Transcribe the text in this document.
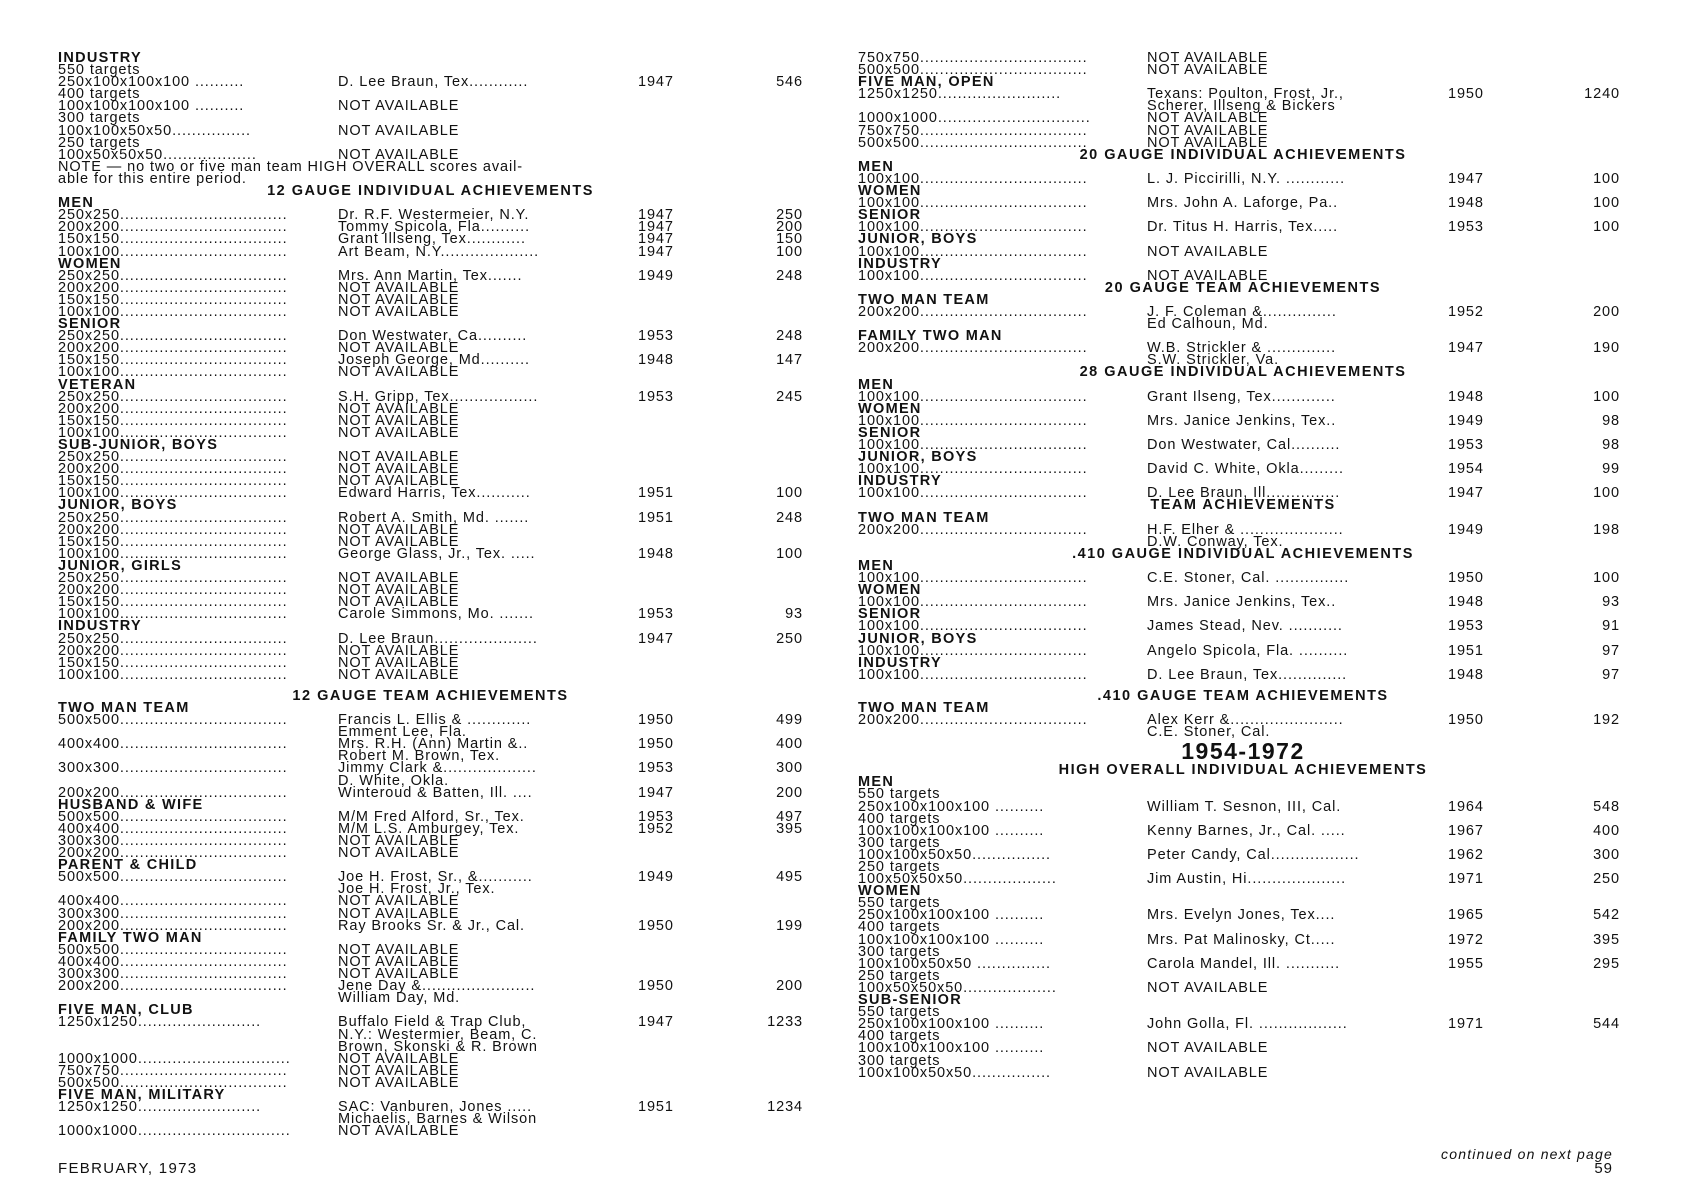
INDUSTRY
550 targets
250x100x100x100 ..........	D. Lee Braun, Tex............	1947	546
400 targets
100x100x100x100 ..........	NOT AVAILABLE
300 targets
100x100x50x50................	NOT AVAILABLE
250 targets
100x50x50x50...................	NOT AVAILABLE
NOTE — no two or five man team HIGH OVERALL scores avail-
able for this entire period.
12 GAUGE INDIVIDUAL ACHIEVEMENTS
MEN
250x250..................................	Dr. R.F. Westermeier, N.Y.	1947	250
200x200..................................	Tommy Spicola, Fla..........	1947	200
150x150..................................	Grant Illseng, Tex............	1947	150
100x100..................................	Art Beam, N.Y....................	1947	100
WOMEN
250x250..................................	Mrs. Ann Martin, Tex.......	1949	248
200x200..................................	NOT AVAILABLE
150x150..................................	NOT AVAILABLE
100x100..................................	NOT AVAILABLE
SENIOR
250x250..................................	Don Westwater, Ca..........	1953	248
200x200..................................	NOT AVAILABLE
150x150..................................	Joseph George, Md..........	1948	147
100x100..................................	NOT AVAILABLE
VETERAN
250x250..................................	S.H. Gripp, Tex..................	1953	245
200x200..................................	NOT AVAILABLE
150x150..................................	NOT AVAILABLE
100x100..................................	NOT AVAILABLE
SUB-JUNIOR, BOYS
250x250..................................	NOT AVAILABLE
200x200..................................	NOT AVAILABLE
150x150..................................	NOT AVAILABLE
100x100..................................	Edward Harris, Tex...........	1951	100
JUNIOR, BOYS
250x250..................................	Robert A. Smith, Md. .......	1951	248
200x200..................................	NOT AVAILABLE
150x150..................................	NOT AVAILABLE
100x100..................................	George Glass, Jr., Tex. .....	1948	100
JUNIOR, GIRLS
250x250..................................	NOT AVAILABLE
200x200..................................	NOT AVAILABLE
150x150..................................	NOT AVAILABLE
100x100..................................	Carole Simmons, Mo. .......	1953	93
INDUSTRY
250x250..................................	D. Lee Braun.....................	1947	250
200x200..................................	NOT AVAILABLE
150x150..................................	NOT AVAILABLE
100x100..................................	NOT AVAILABLE
12 GAUGE TEAM ACHIEVEMENTS
TWO MAN TEAM
500x500..................................	Francis L. Ellis & .............	1950	499
Emment Lee, Fla.
400x400..................................	Mrs. R.H. (Ann) Martin &..	1950	400
Robert M. Brown, Tex.
300x300..................................	Jimmy Clark &...................	1953	300
D. White, Okla.
200x200..................................	Winteroud & Batten, Ill. ....	1947	200
HUSBAND & WIFE
500x500..................................	M/M Fred Alford, Sr., Tex.	1953	497
400x400..................................	M/M L.S. Amburgey, Tex.	1952	395
300x300..................................	NOT AVAILABLE
200x200..................................	NOT AVAILABLE
PARENT & CHILD
500x500..................................	Joe H. Frost, Sr., &...........	1949	495
Joe H. Frost, Jr., Tex.
400x400..................................	NOT AVAILABLE
300x300..................................	NOT AVAILABLE
200x200..................................	Ray Brooks Sr. & Jr., Cal.	1950	199
FAMILY TWO MAN
500x500..................................	NOT AVAILABLE
400x400..................................	NOT AVAILABLE
300x300..................................	NOT AVAILABLE
200x200..................................	Jene Day &.......................	1950	200
William Day, Md.
FIVE MAN, CLUB
1250x1250.........................	Buffalo Field & Trap Club,	1947	1233
N.Y.: Westermier, Beam, C.
Brown, Skonski & R. Brown
1000x1000...............................	NOT AVAILABLE
750x750..................................	NOT AVAILABLE
500x500..................................	NOT AVAILABLE
FIVE MAN, MILITARY
1250x1250.........................	SAC: Vanburen, Jones .....	1951	1234
Michaelis, Barnes & Wilson
1000x1000...............................	NOT AVAILABLE
750x750..................................	NOT AVAILABLE
500x500..................................	NOT AVAILABLE
FIVE MAN, OPEN
1250x1250.........................	Texans: Poulton, Frost, Jr.,	1950	1240
Scherer, Illseng & Bickers
1000x1000...............................	NOT AVAILABLE
750x750..................................	NOT AVAILABLE
500x500..................................	NOT AVAILABLE
20 GAUGE INDIVIDUAL ACHIEVEMENTS
MEN
100x100..................................	L. J. Piccirilli, N.Y. ............	1947	100
WOMEN
100x100..................................	Mrs. John A. Laforge, Pa..	1948	100
SENIOR
100x100..................................	Dr. Titus H. Harris, Tex.....	1953	100
JUNIOR, BOYS
100x100..................................	NOT AVAILABLE
INDUSTRY
100x100..................................	NOT AVAILABLE
20 GAUGE TEAM ACHIEVEMENTS
TWO MAN TEAM
200x200..................................	J. F. Coleman &...............	1952	200
Ed Calhoun, Md.
FAMILY TWO MAN
200x200..................................	W.B. Strickler & ..............	1947	190
S.W. Strickler, Va.
28 GAUGE INDIVIDUAL ACHIEVEMENTS
MEN
100x100..................................	Grant Ilseng, Tex.............	1948	100
WOMEN
100x100..................................	Mrs. Janice Jenkins, Tex..	1949	98
SENIOR
100x100..................................	Don Westwater, Cal..........	1953	98
JUNIOR, BOYS
100x100..................................	David C. White, Okla.........	1954	99
INDUSTRY
100x100..................................	D. Lee Braun, Ill...............	1947	100
TEAM ACHIEVEMENTS
TWO MAN TEAM
200x200..................................	H.F. Elher & .....................	1949	198
D.W. Conway, Tex.
.410 GAUGE INDIVIDUAL ACHIEVEMENTS
MEN
100x100..................................	C.E. Stoner, Cal. ...............	1950	100
WOMEN
100x100..................................	Mrs. Janice Jenkins, Tex..	1948	93
SENIOR
100x100..................................	James Stead, Nev. ...........	1953	91
JUNIOR, BOYS
100x100..................................	Angelo Spicola, Fla. ..........	1951	97
INDUSTRY
100x100..................................	D. Lee Braun, Tex..............	1948	97
.410 GAUGE TEAM ACHIEVEMENTS
TWO MAN TEAM
200x200..................................	Alex Kerr &.......................	1950	192
C.E. Stoner, Cal.
1954-1972
HIGH OVERALL INDIVIDUAL ACHIEVEMENTS
MEN
550 targets
250x100x100x100 ..........	William T. Sesnon, III, Cal.	1964	548
400 targets
100x100x100x100 ..........	Kenny Barnes, Jr., Cal. .....	1967	400
300 targets
100x100x50x50................	Peter Candy, Cal..................	1962	300
250 targets
100x50x50x50...................	Jim Austin, Hi....................	1971	250
WOMEN
550 targets
250x100x100x100 ..........	Mrs. Evelyn Jones, Tex....	1965	542
400 targets
100x100x100x100 ..........	Mrs. Pat Malinosky, Ct.....	1972	395
300 targets
100x100x50x50 ...............	Carola Mandel, Ill. ...........	1955	295
250 targets
100x50x50x50...................	NOT AVAILABLE
SUB-SENIOR
550 targets
250x100x100x100 ..........	John Golla, Fl. ..................	1971	544
400 targets
100x100x100x100 ..........	NOT AVAILABLE
300 targets
100x100x50x50................	NOT AVAILABLE
FEBRUARY, 1973
continued on next page
59
